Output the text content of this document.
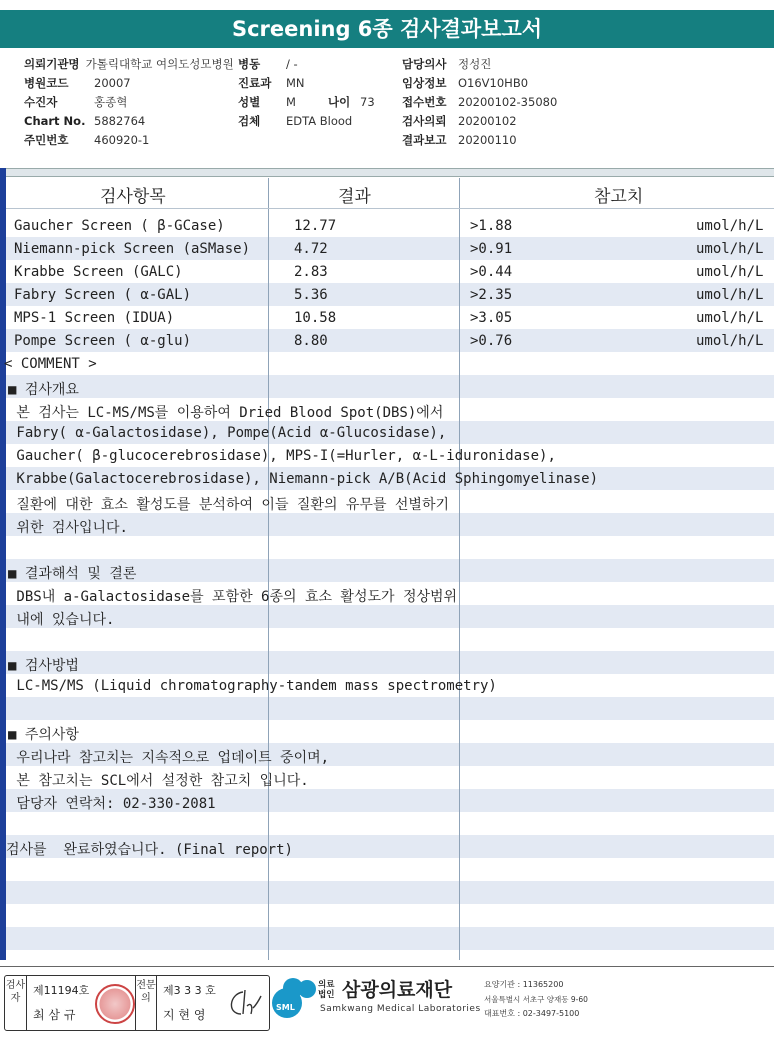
Screening 6종 검사결과보고서
의뢰기관명 가톨릭대학교 여의도성모병원
병원코드 20007
수진자	홍종혁
Chart No. 5882764
주민번호 460920-1
병동 / -
진료과 MN
성별 M	나이 73
검체 EDTA Blood
담당의사 정성진
임상정보 O16V10HB0
접수번호 20200102-35080
검사의뢰 20200102
결과보고 20200110
검사항목	결과	참고치
Gaucher Screen ( β-GCase)	12.77	>1.88	umol/h/L
Niemann-pick Screen (aSMase)	4.72	>0.91	umol/h/L
Krabbe Screen (GALC)	2.83	>0.44	umol/h/L
Fabry Screen ( α-GAL)	5.36	>2.35	umol/h/L
MPS-1 Screen (IDUA)	10.58	>3.05	umol/h/L
Pompe Screen ( α-glu)	8.80	>0.76	umol/h/L
< COMMENT >
■ 검사개요
본 검사는 LC-MS/MS를 이용하여 Dried Blood Spot(DBS)에서
Fabry( α-Galactosidase), Pompe(Acid α-Glucosidase),
Gaucher( β-glucocerebrosidase), MPS-I(=Hurler, α-L-iduronidase),
Krabbe(Galactocerebrosidase), Niemann-pick A/B(Acid Sphingomyelinase)
질환에 대한 효소 활성도를 분석하여 이들 질환의 유무를 선별하기
위한 검사입니다.
■ 결과해석 및 결론
DBS내 a-Galactosidase를 포함한 6종의 효소 활성도가 정상범위
내에 있습니다.
■ 검사방법
LC-MS/MS (Liquid chromatography-tandem mass spectrometry)
■ 주의사항
우리나라 참고치는 지속적으로 업데이트 중이며,
본 참고치는 SCL에서 설정한 참고치 입니다.
담당자 연락처: 02-330-2081
검사를  완료하였습니다. (Final report)
검사자
제11194호
최 삼 규
전문의
제3 3 3 호
지 현 영
SML
의료법인 삼광의료재단
Samkwang Medical Laboratories
요양기관 : 11365200
서울특별시 서초구 양재동 9-60
대표번호 : 02-3497-5100
